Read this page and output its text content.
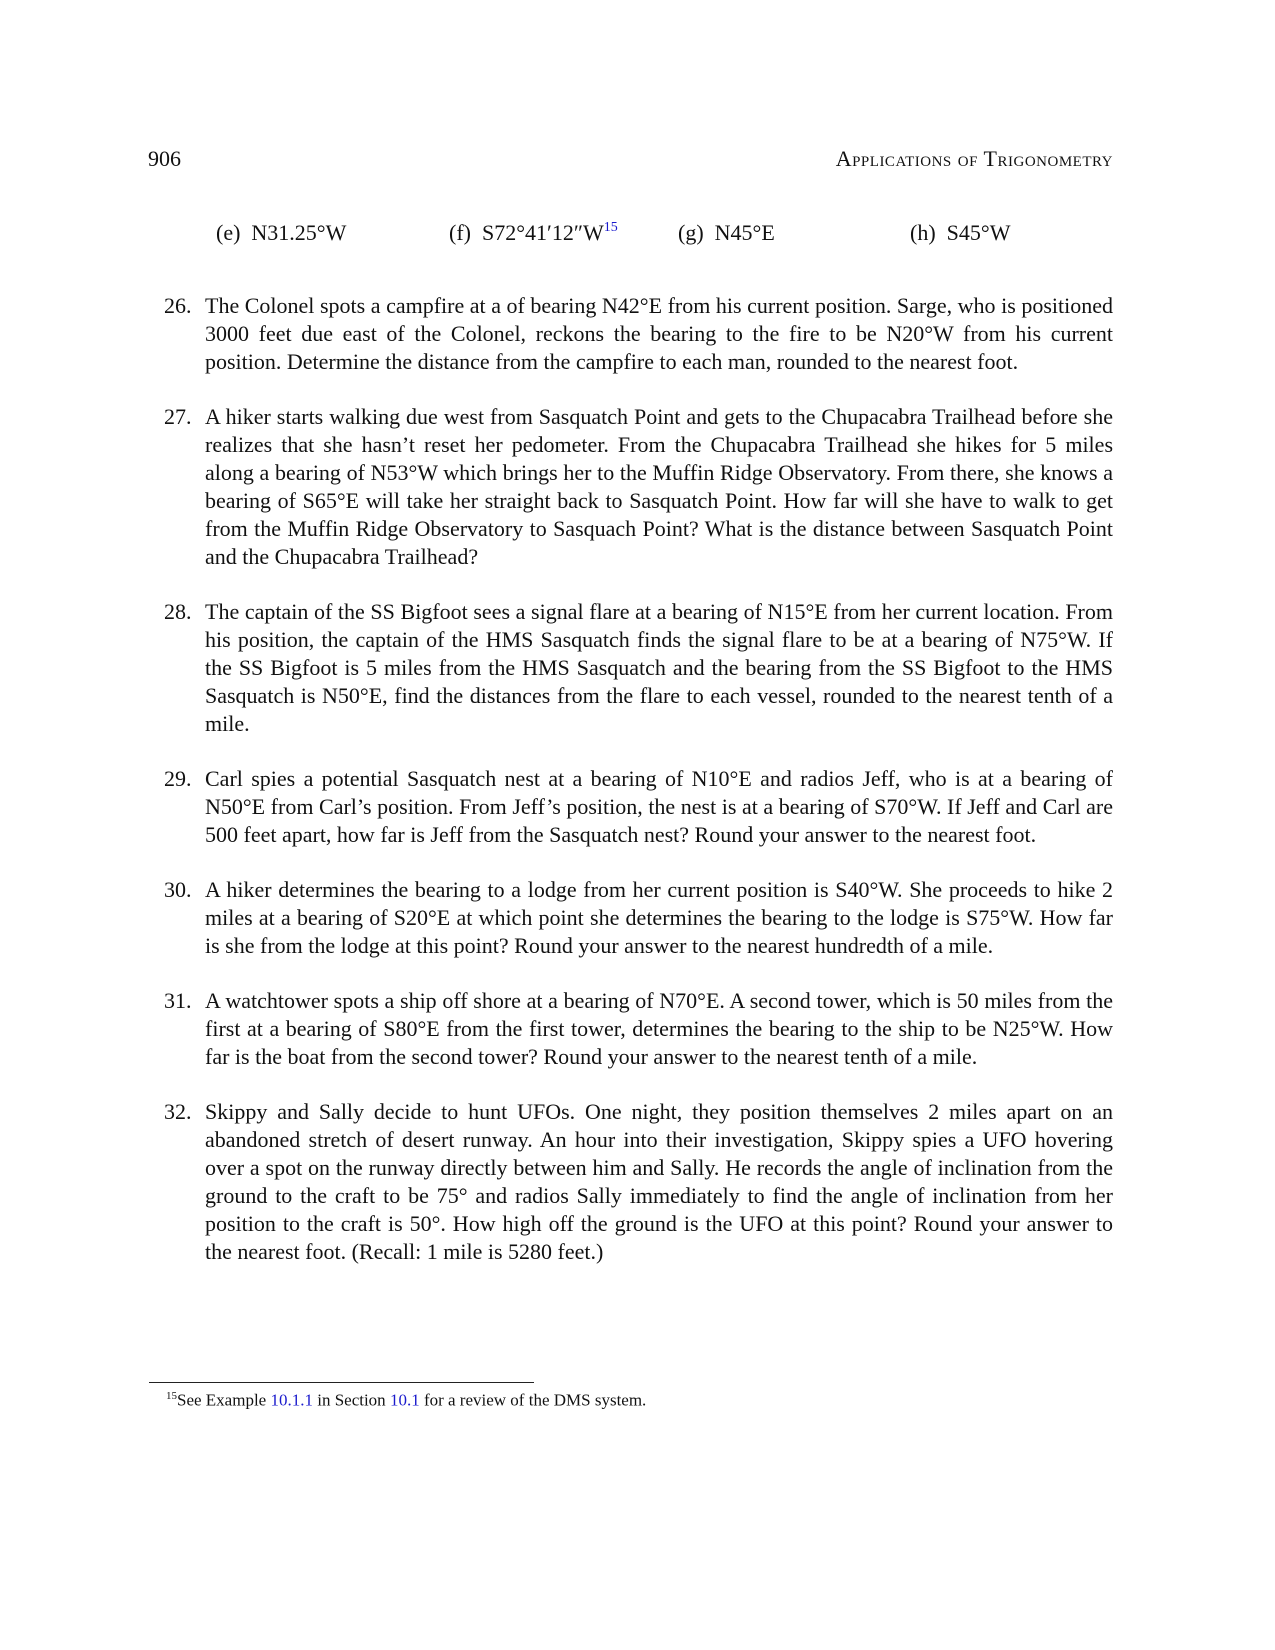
906	Applications of Trigonometry
(e) N31.25°W	(f) $S72^\circ 41'12''W^{15}$	(g) N45°E	(h) S45°W
26. The Colonel spots a campfire at a of bearing N42°E from his current position. Sarge, who is positioned 3000 feet due east of the Colonel, reckons the bearing to the fire to be N20°W from his current position. Determine the distance from the campfire to each man, rounded to the nearest foot.
27. A hiker starts walking due west from Sasquatch Point and gets to the Chupacabra Trailhead before she realizes that she hasn’t reset her pedometer. From the Chupacabra Trailhead she hikes for 5 miles along a bearing of N53°W which brings her to the Muffin Ridge Observatory. From there, she knows a bearing of S65°E will take her straight back to Sasquatch Point. How far will she have to walk to get from the Muffin Ridge Observatory to Sasquach Point? What is the distance between Sasquatch Point and the Chupacabra Trailhead?
28. The captain of the SS Bigfoot sees a signal flare at a bearing of N15°E from her current location. From his position, the captain of the HMS Sasquatch finds the signal flare to be at a bearing of N75°W. If the SS Bigfoot is 5 miles from the HMS Sasquatch and the bearing from the SS Bigfoot to the HMS Sasquatch is N50°E, find the distances from the flare to each vessel, rounded to the nearest tenth of a mile.
29. Carl spies a potential Sasquatch nest at a bearing of N10°E and radios Jeff, who is at a bearing of N50°E from Carl’s position. From Jeff’s position, the nest is at a bearing of S70°W. If Jeff and Carl are 500 feet apart, how far is Jeff from the Sasquatch nest? Round your answer to the nearest foot.
30. A hiker determines the bearing to a lodge from her current position is S40°W. She proceeds to hike 2 miles at a bearing of S20°E at which point she determines the bearing to the lodge is S75°W. How far is she from the lodge at this point? Round your answer to the nearest hundredth of a mile.
31. A watchtower spots a ship off shore at a bearing of N70°E. A second tower, which is 50 miles from the first at a bearing of S80°E from the first tower, determines the bearing to the ship to be N25°W. How far is the boat from the second tower? Round your answer to the nearest tenth of a mile.
32. Skippy and Sally decide to hunt UFOs. One night, they position themselves 2 miles apart on an abandoned stretch of desert runway. An hour into their investigation, Skippy spies a UFO hovering over a spot on the runway directly between him and Sally. He records the angle of inclination from the ground to the craft to be 75° and radios Sally immediately to find the angle of inclination from her position to the craft is 50°. How high off the ground is the UFO at this point? Round your answer to the nearest foot. (Recall: 1 mile is 5280 feet.)
$^{15}$See Example 10.1.1 in Section 10.1 for a review of the DMS system.
